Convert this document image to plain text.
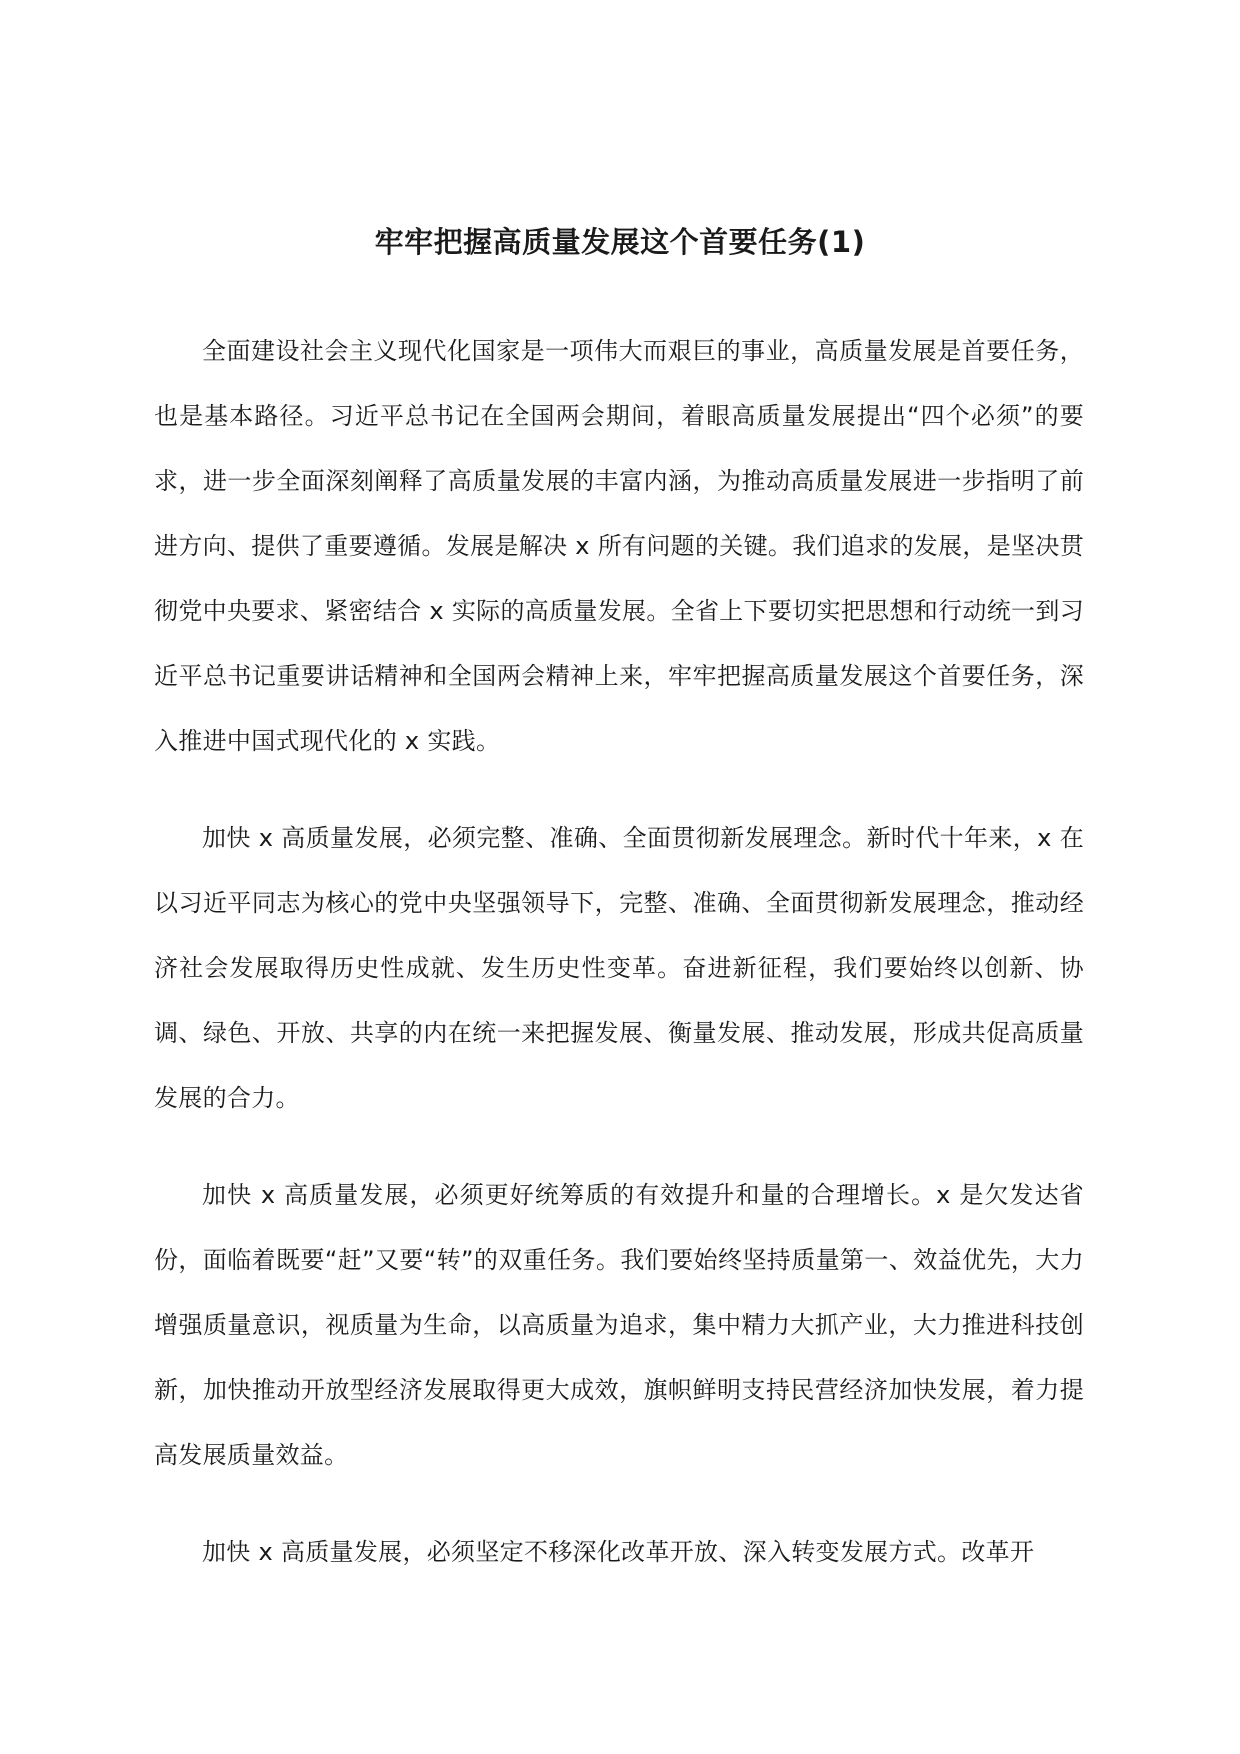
牢牢把握高质量发展这个首要任务(1)

全面建设社会主义现代化国家是一项伟大而艰巨的事业，高质量发展是首要任务，也是基本路径。习近平总书记在全国两会期间，着眼高质量发展提出“四个必须”的要求，进一步全面深刻阐释了高质量发展的丰富内涵，为推动高质量发展进一步指明了前进方向、提供了重要遵循。发展是解决 x 所有问题的关键。我们追求的发展，是坚决贯彻党中央要求、紧密结合 x 实际的高质量发展。全省上下要切实把思想和行动统一到习近平总书记重要讲话精神和全国两会精神上来，牢牢把握高质量发展这个首要任务，深入推进中国式现代化的 x 实践。

加快 x 高质量发展，必须完整、准确、全面贯彻新发展理念。新时代十年来，x 在以习近平同志为核心的党中央坚强领导下，完整、准确、全面贯彻新发展理念，推动经济社会发展取得历史性成就、发生历史性变革。奋进新征程，我们要始终以创新、协调、绿色、开放、共享的内在统一来把握发展、衡量发展、推动发展，形成共促高质量发展的合力。

加快 x 高质量发展，必须更好统筹质的有效提升和量的合理增长。x 是欠发达省份，面临着既要“赶”又要“转”的双重任务。我们要始终坚持质量第一、效益优先，大力增强质量意识，视质量为生命，以高质量为追求，集中精力大抓产业，大力推进科技创新，加快推动开放型经济发展取得更大成效，旗帜鲜明支持民营经济加快发展，着力提高发展质量效益。

加快 x 高质量发展，必须坚定不移深化改革开放、深入转变发展方式。改革开
